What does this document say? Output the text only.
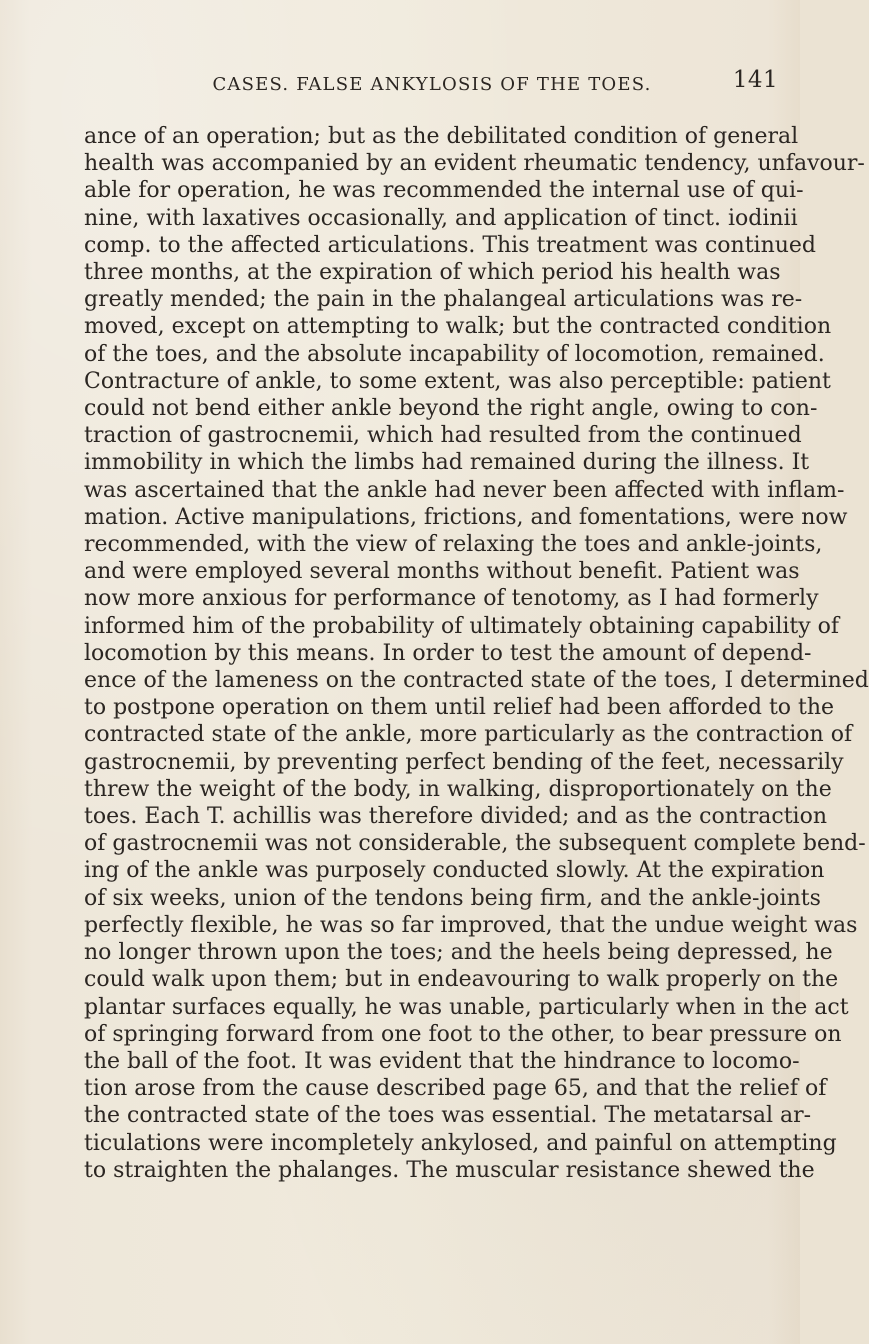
CASES. FALSE ANKYLOSIS OF THE TOES.	141
ance of an operation; but as the debilitated condition of general
health was accompanied by an evident rheumatic tendency, unfavour-
able for operation, he was recommended the internal use of qui-
nine, with laxatives occasionally, and application of tinct. iodinii
comp. to the affected articulations. This treatment was continued
three months, at the expiration of which period his health was
greatly mended; the pain in the phalangeal articulations was re-
moved, except on attempting to walk; but the contracted condition
of the toes, and the absolute incapability of locomotion, remained.
Contracture of ankle, to some extent, was also perceptible: patient
could not bend either ankle beyond the right angle, owing to con-
traction of gastrocnemii, which had resulted from the continued
immobility in which the limbs had remained during the illness. It
was ascertained that the ankle had never been affected with inflam-
mation. Active manipulations, frictions, and fomentations, were now
recommended, with the view of relaxing the toes and ankle-joints,
and were employed several months without benefit. Patient was
now more anxious for performance of tenotomy, as I had formerly
informed him of the probability of ultimately obtaining capability of
locomotion by this means. In order to test the amount of depend-
ence of the lameness on the contracted state of the toes, I determined
to postpone operation on them until relief had been afforded to the
contracted state of the ankle, more particularly as the contraction of
gastrocnemii, by preventing perfect bending of the feet, necessarily
threw the weight of the body, in walking, disproportionately on the
toes. Each T. achillis was therefore divided; and as the contraction
of gastrocnemii was not considerable, the subsequent complete bend-
ing of the ankle was purposely conducted slowly. At the expiration
of six weeks, union of the tendons being firm, and the ankle-joints
perfectly flexible, he was so far improved, that the undue weight was
no longer thrown upon the toes; and the heels being depressed, he
could walk upon them; but in endeavouring to walk properly on the
plantar surfaces equally, he was unable, particularly when in the act
of springing forward from one foot to the other, to bear pressure on
the ball of the foot. It was evident that the hindrance to locomo-
tion arose from the cause described page 65, and that the relief of
the contracted state of the toes was essential. The metatarsal ar-
ticulations were incompletely ankylosed, and painful on attempting
to straighten the phalanges. The muscular resistance shewed the
